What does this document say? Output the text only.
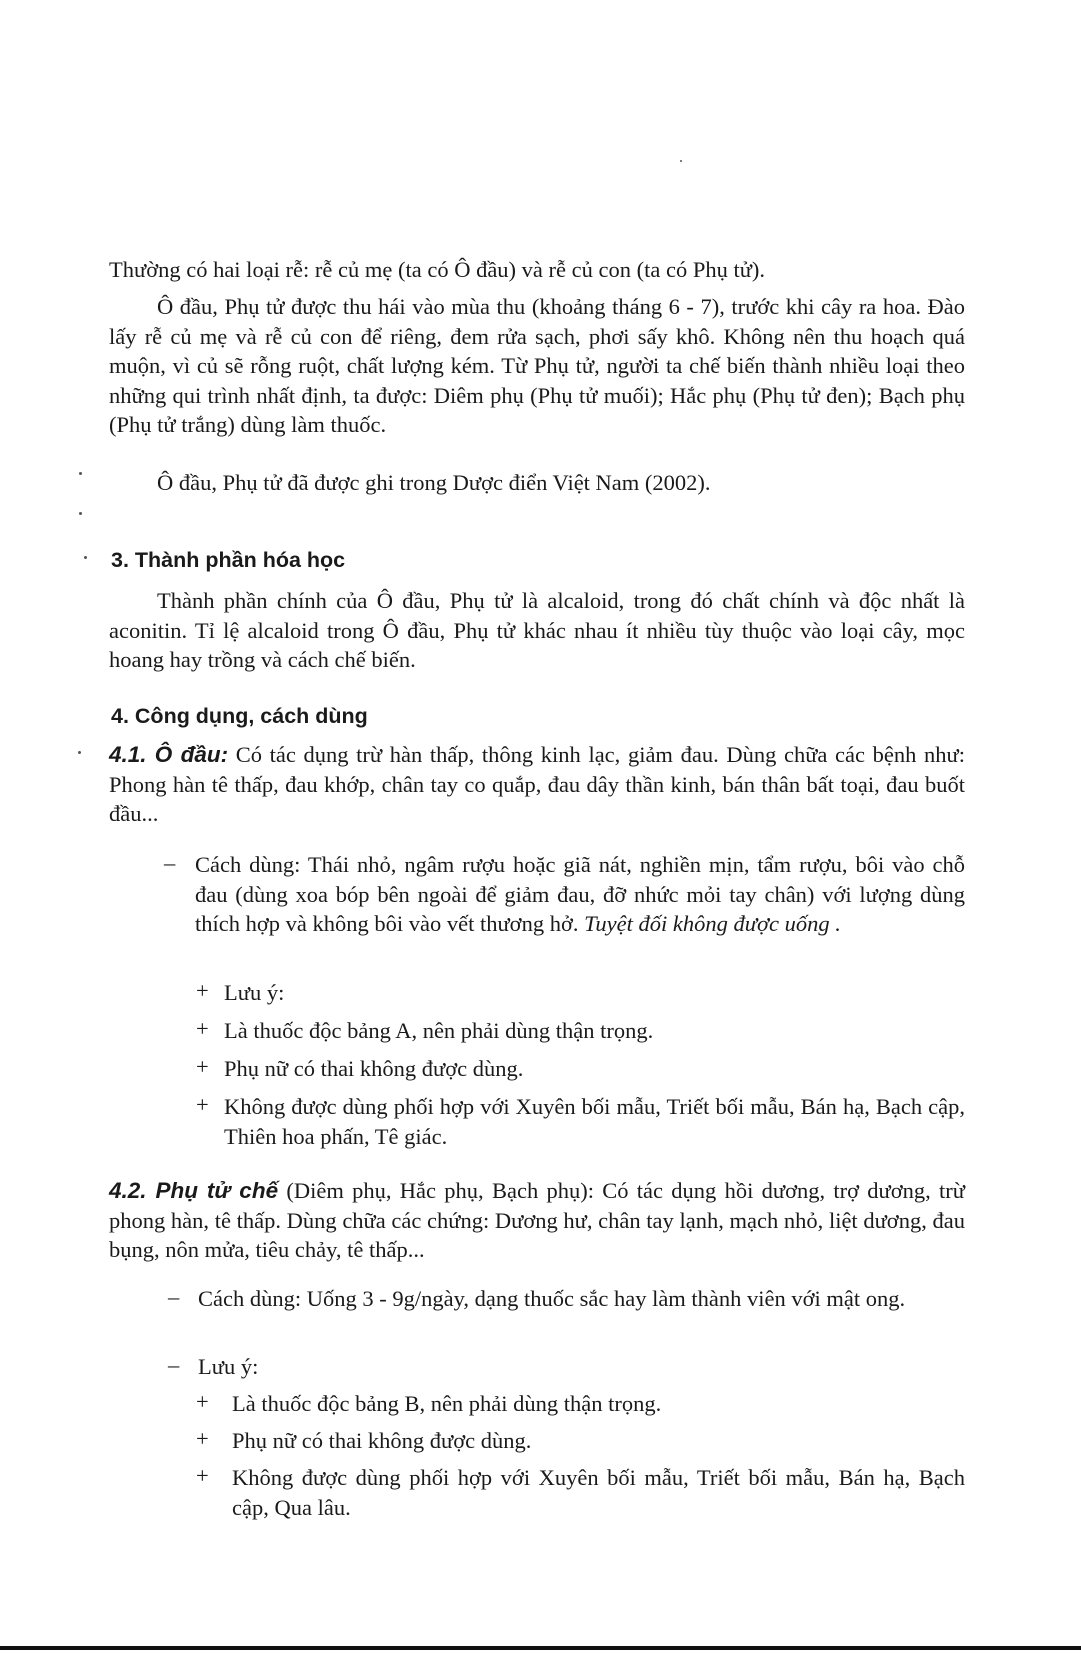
Thường có hai loại rễ: rễ củ mẹ (ta có Ô đầu) và rễ củ con (ta có Phụ tử).

Ô đầu, Phụ tử được thu hái vào mùa thu (khoảng tháng 6 - 7), trước khi cây ra hoa. Đào lấy rễ củ mẹ và rễ củ con để riêng, đem rửa sạch, phơi sấy khô. Không nên thu hoạch quá muộn, vì củ sẽ rỗng ruột, chất lượng kém. Từ Phụ tử, người ta chế biến thành nhiều loại theo những qui trình nhất định, ta được: Diêm phụ (Phụ tử muối); Hắc phụ (Phụ tử đen); Bạch phụ (Phụ tử trắng) dùng làm thuốc.

Ô đầu, Phụ tử đã được ghi trong Dược điển Việt Nam (2002).

3. Thành phần hóa học

Thành phần chính của Ô đầu, Phụ tử là alcaloid, trong đó chất chính và độc nhất là aconitin. Tỉ lệ alcaloid trong Ô đầu, Phụ tử khác nhau ít nhiều tùy thuộc vào loại cây, mọc hoang hay trồng và cách chế biến.

4. Công dụng, cách dùng

4.1. Ô đầu: Có tác dụng trừ hàn thấp, thông kinh lạc, giảm đau. Dùng chữa các bệnh như: Phong hàn tê thấp, đau khớp, chân tay co quắp, đau dây thần kinh, bán thân bất toại, đau buốt đầu...

– Cách dùng: Thái nhỏ, ngâm rượu hoặc giã nát, nghiền mịn, tẩm rượu, bôi vào chỗ đau (dùng xoa bóp bên ngoài để giảm đau, đỡ nhức mỏi tay chân) với lượng dùng thích hợp và không bôi vào vết thương hở. Tuyệt đối không được uống .

+ Lưu ý:

+ Là thuốc độc bảng A, nên phải dùng thận trọng.

+ Phụ nữ có thai không được dùng.

+ Không được dùng phối hợp với Xuyên bối mẫu, Triết bối mẫu, Bán hạ, Bạch cập, Thiên hoa phấn, Tê giác.

4.2. Phụ tử chế (Diêm phụ, Hắc phụ, Bạch phụ): Có tác dụng hồi dương, trợ dương, trừ phong hàn, tê thấp. Dùng chữa các chứng: Dương hư, chân tay lạnh, mạch nhỏ, liệt dương, đau bụng, nôn mửa, tiêu chảy, tê thấp...

– Cách dùng: Uống 3 - 9g/ngày, dạng thuốc sắc hay làm thành viên với mật ong.

– Lưu ý:

+ Là thuốc độc bảng B, nên phải dùng thận trọng.

+ Phụ nữ có thai không được dùng.

+ Không được dùng phối hợp với Xuyên bối mẫu, Triết bối mẫu, Bán hạ, Bạch cập, Qua lâu.
